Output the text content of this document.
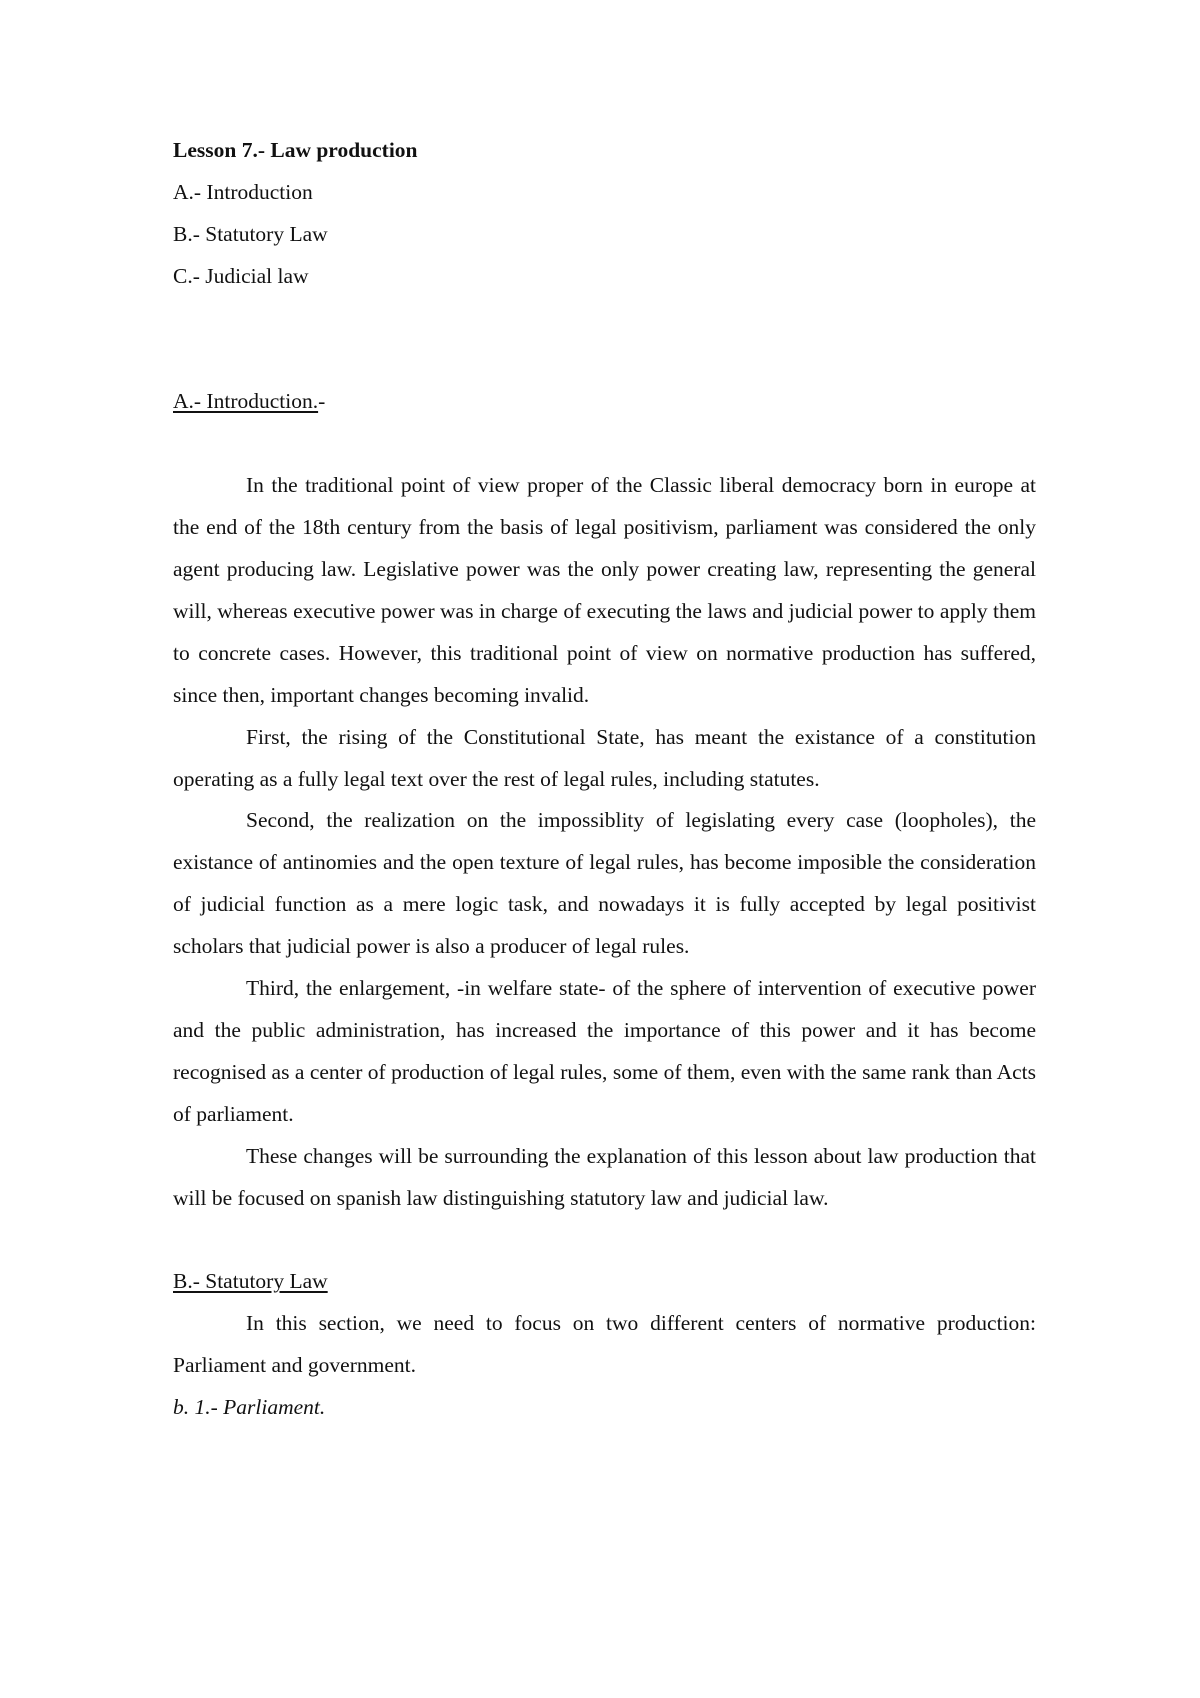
Lesson 7.- Law production
A.- Introduction
B.- Statutory Law
C.- Judicial law
A.- Introduction.-

In the traditional point of view proper of the Classic liberal democracy born in europe at the end of the 18th century from the basis of legal positivism, parliament was considered the only agent producing law. Legislative power was the only power creating law, representing the general will, whereas executive power was in charge of executing the laws and judicial power to apply them to concrete cases. However, this traditional point of view on normative production has suffered, since then, important changes becoming invalid.

First, the rising of the Constitutional State, has meant the existance of a constitution operating as a fully legal text over the rest of legal rules, including statutes.

Second, the realization on the impossiblity of legislating every case (loopholes), the existance of antinomies and the open texture of legal rules, has become imposible the consideration of judicial function as a mere logic task, and nowadays it is fully accepted by legal positivist scholars that judicial power is also a producer of legal rules.

Third, the enlargement, -in welfare state- of the sphere of intervention of executive power and the public administration, has increased the importance of this power and it has become recognised as a center of production of legal rules, some of them, even with the same rank than Acts of parliament.

These changes will be surrounding the explanation of this lesson about law production that will be focused on spanish law distinguishing statutory law and judicial law.

B.- Statutory Law

In this section, we need to focus on two different centers of normative production: Parliament and government.

b. 1.- Parliament.
